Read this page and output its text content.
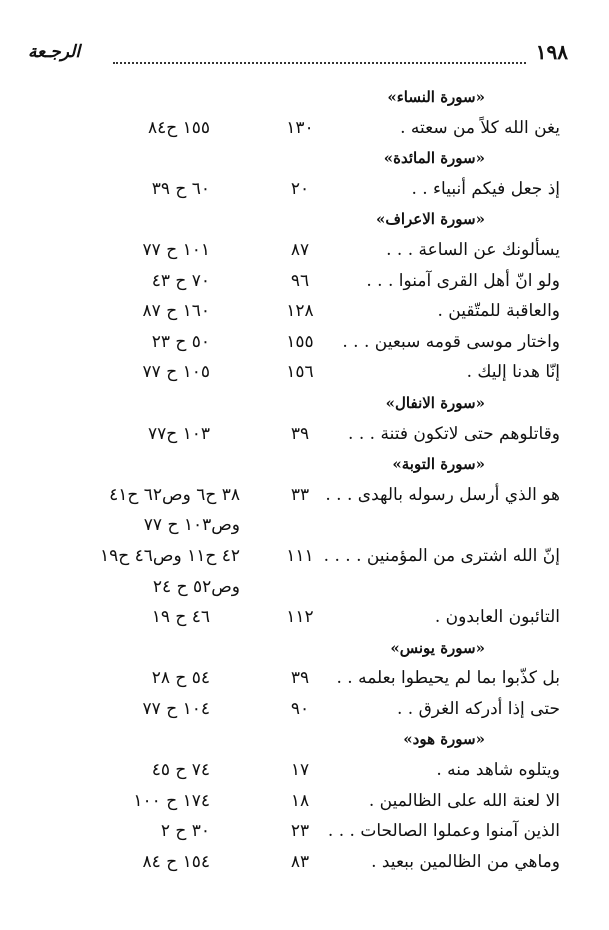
١٩٨
الرجـعة
«سورة النساء»
يغن الله كلاً من سعته .
١٣٠
١٥٥ ح٨٤
«سورة المائدة»
إذ جعل فيكم أنبياء . .
٢٠
٦٠ ح ٣٩
«سورة الاعراف»
يسألونك عن الساعة . . .
٨٧
١٠١ ح ٧٧
ولو انّ أهل القرى آمنوا . . .
٩٦
٧٠ ح ٤٣
والعاقبة للمتّقين .
١٢٨
١٦٠ ح ٨٧
واختار موسى قومه سبعين . . .
١٥٥
٥٠ ح ٢٣
إنّا هدنا إليك .
١٥٦
١٠٥ ح ٧٧
«سورة الانفال»
وقاتلوهم حتى لاتكون فتنة . . .
٣٩
١٠٣ ح٧٧
«سورة التوبة»
هو الذي أرسل رسوله بالهدى . . .
٣٣
٣٨ ح٦ وص٦٢ ح٤١
وص١٠٣ ح ٧٧
إنّ الله اشترى من المؤمنين . . . .
١١١
٤٢ ح١١ وص٤٦ ح١٩
وص٥٢ ح ٢٤
التائبون العابدون .
١١٢
٤٦ ح ١٩
«سورة يونس»
بل كذّبوا بما لم يحيطوا بعلمه . .
٣٩
٥٤ ح ٢٨
حتى إذا أدركه الغرق . .
٩٠
١٠٤ ح ٧٧
«سورة هود»
ويتلوه شاهد منه .
١٧
٧٤ ح ٤٥
الا لعنة الله على الظالمين .
١٨
١٧٤ ح ١٠٠
الذين آمنوا وعملوا الصالحات . . .
٢٣
٣٠ ح ٢
وماهي من الظالمين ببعيد .
٨٣
١٥٤ ح ٨٤
